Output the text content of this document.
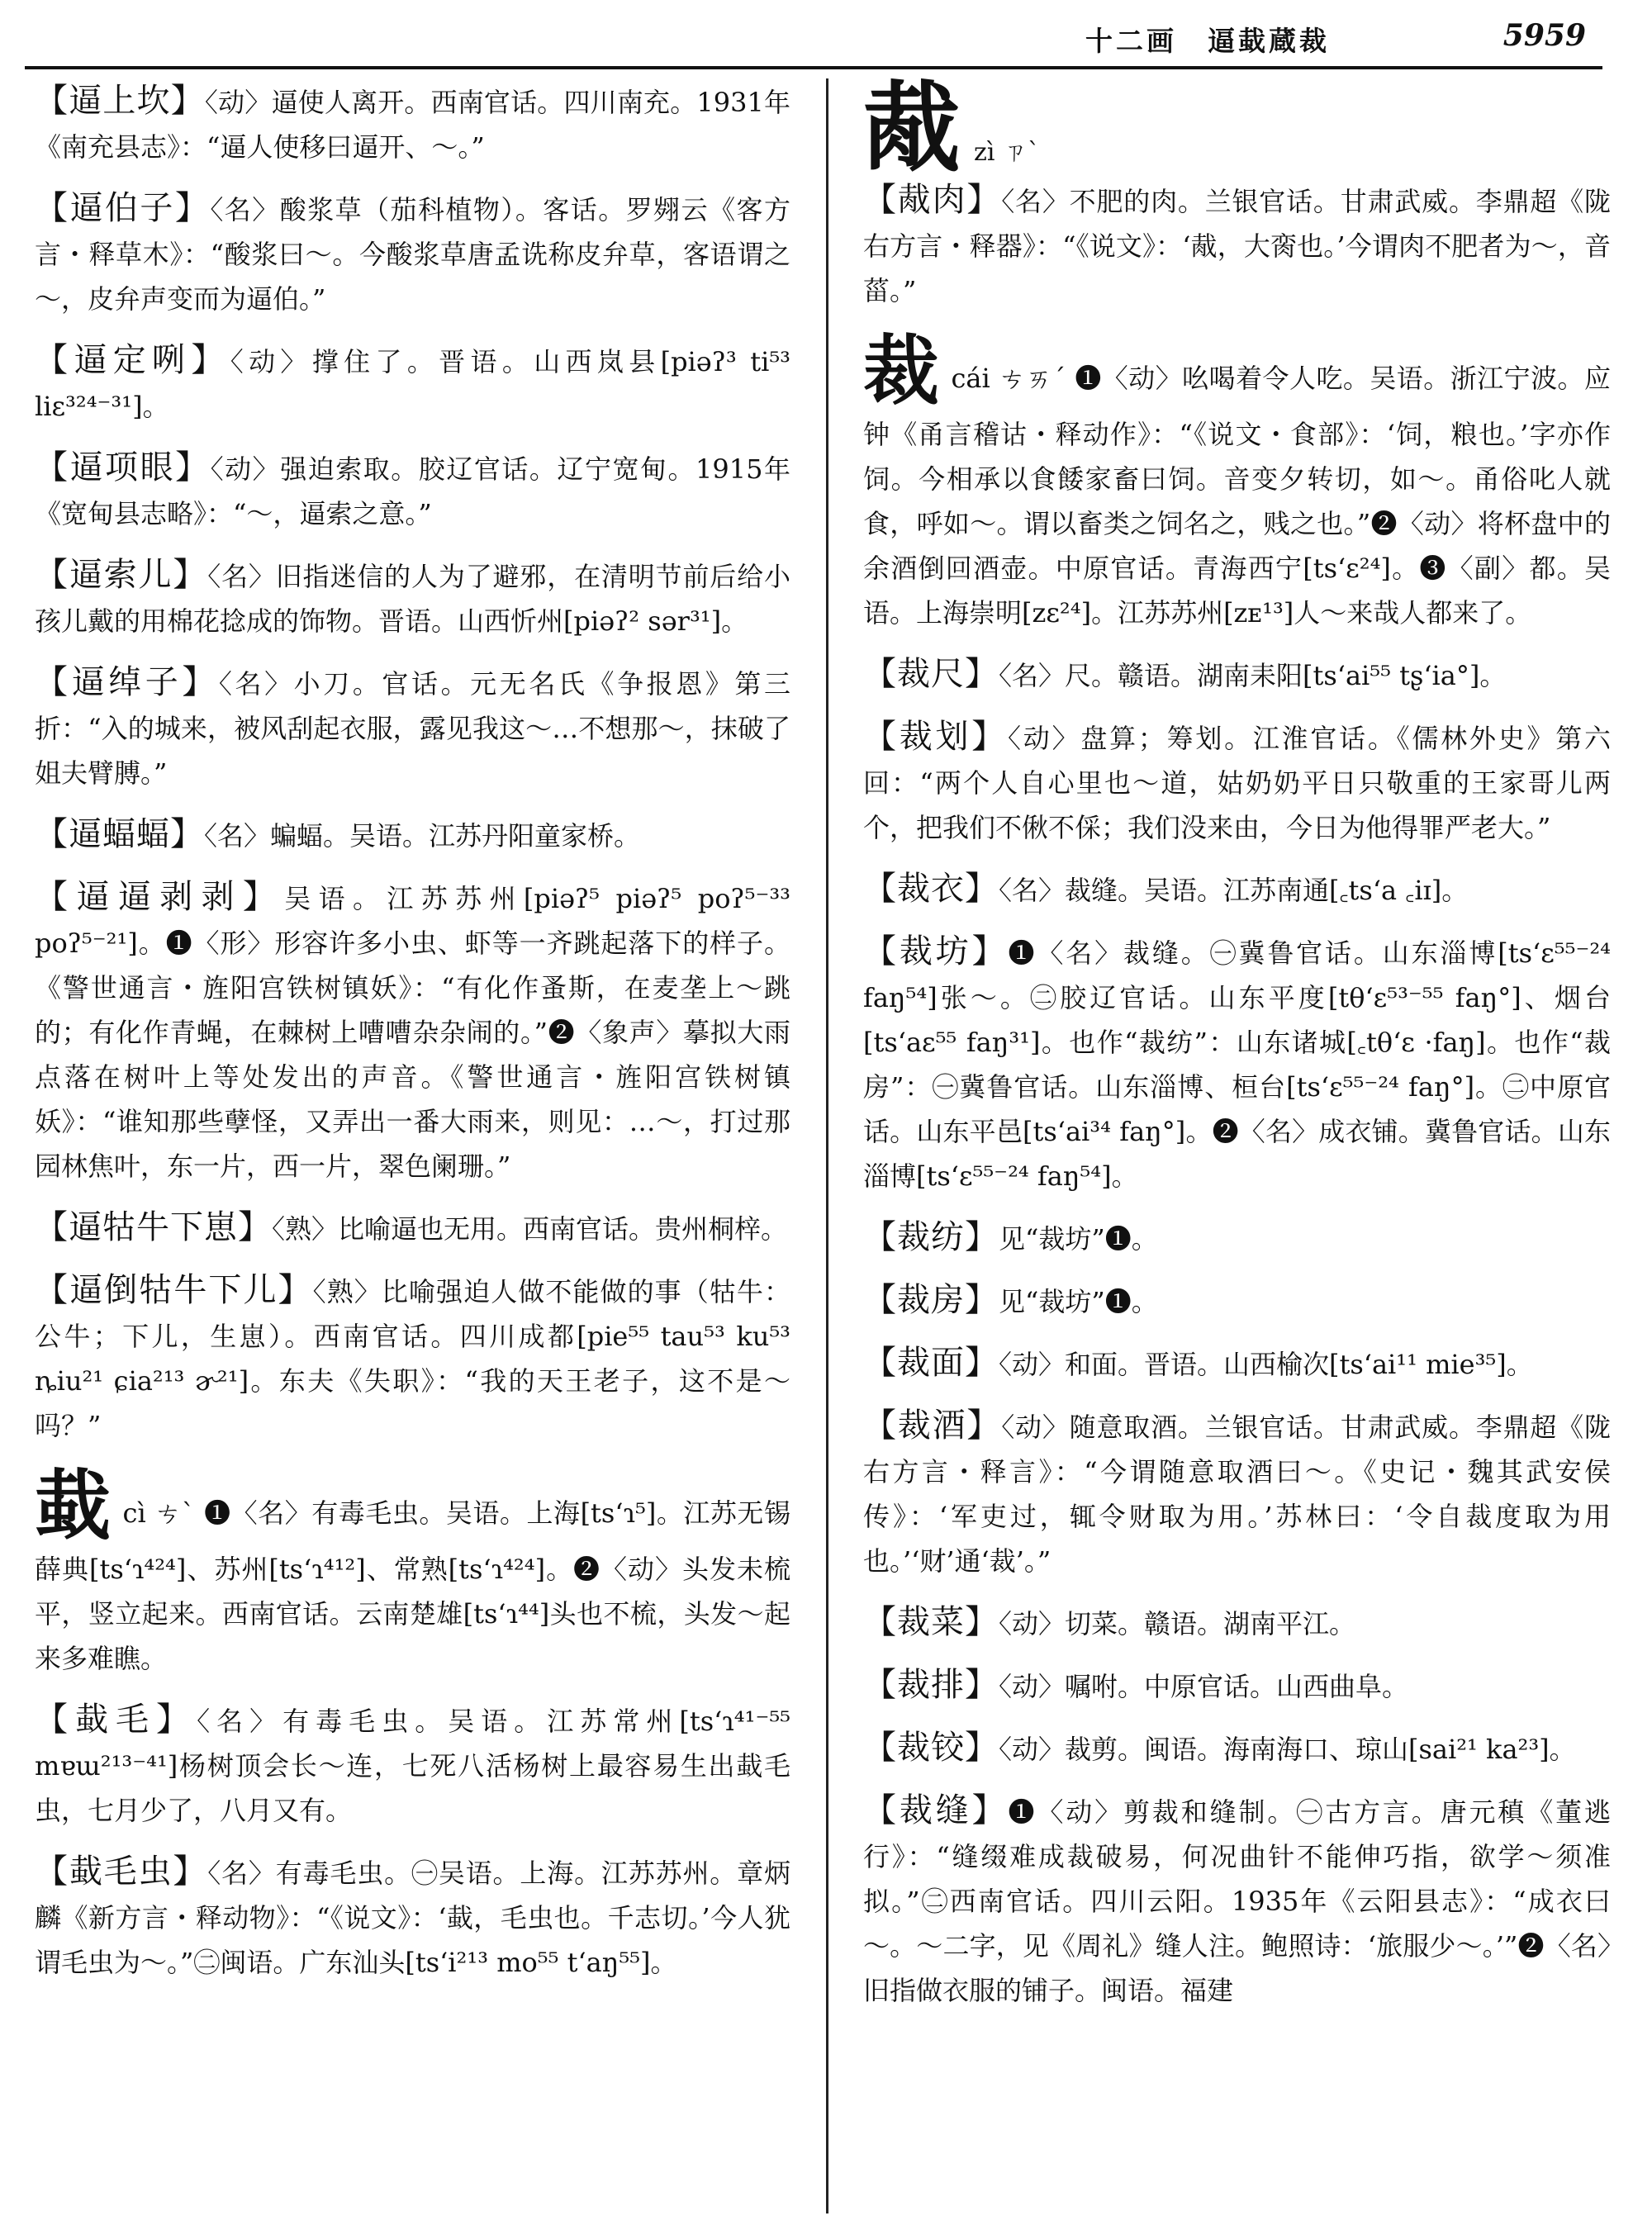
十二画　逼蛓蔵裁	5959
【逼上坎】〈动〉逼使人离开。西南官话。四川南充。1931年《南充县志》：“逼人使移曰逼开、～。”
【逼伯子】〈名〉酸浆草（茄科植物）。客话。罗翙云《客方言・释草木》：“酸浆曰～。今酸浆草唐孟诜称皮弁草，客语谓之～，皮弁声变而为逼伯。”
【逼定咧】〈动〉撑住了。晋语。山西岚县[piəʔ³ ti⁵³ liɛ³²⁴⁻³¹]。
【逼项眼】〈动〉强迫索取。胶辽官话。辽宁宽甸。1915年《宽甸县志略》：“～，逼索之意。”
【逼索儿】〈名〉旧指迷信的人为了避邪，在清明节前后给小孩儿戴的用棉花捻成的饰物。晋语。山西忻州[piəʔ² sər³¹]。
【逼绰子】〈名〉小刀。官话。元无名氏《争报恩》第三折：“入的城来，被风刮起衣服，露见我这～…不想那～，抹破了姐夫臂膊。”
【逼蝠蝠】〈名〉蝙蝠。吴语。江苏丹阳童家桥。
【逼逼剥剥】吴语。江苏苏州[piəʔ⁵ piəʔ⁵ poʔ⁵⁻³³ poʔ⁵⁻²¹]。❶〈形〉形容许多小虫、虾等一齐跳起落下的样子。《警世通言・旌阳宫铁树镇妖》：“有化作蚤斯，在麦垄上～跳的；有化作青蝇，在棘树上嘈嘈杂杂闹的。”❷〈象声〉摹拟大雨点落在树叶上等处发出的声音。《警世通言・旌阳宫铁树镇妖》：“谁知那些孽怪，又弄出一番大雨来，则见：…～，打过那园林焦叶，东一片，西一片，翠色阑珊。”
【逼牯牛下崽】〈熟〉比喻逼也无用。西南官话。贵州桐梓。
【逼倒牯牛下儿】〈熟〉比喻强迫人做不能做的事（牯牛：公牛；下儿，生崽）。西南官话。四川成都[pie⁵⁵ tau⁵³ ku⁵³ ȵiu²¹ ɕia²¹³ ɚ²¹]。东夫《失职》：“我的天王老子，这不是～吗？”
蛓cì ㄘˋ ❶〈名〉有毒毛虫。吴语。上海[tsʻɿ⁵]。江苏无锡薛典[tsʻɿ⁴²⁴]、苏州[tsʻɿ⁴¹²]、常熟[tsʻɿ⁴²⁴]。❷〈动〉头发未梳平，竖立起来。西南官话。云南楚雄[tsʻɿ⁴⁴]头也不梳，头发～起来多难瞧。
【蛓毛】〈名〉有毒毛虫。吴语。江苏常州[tsʻɿ⁴¹⁻⁵⁵ mɐɯ²¹³⁻⁴¹]杨树顶会长～连，七死八活杨树上最容易生出蛓毛虫，七月少了，八月又有。
【蛓毛虫】〈名〉有毒毛虫。㊀吴语。上海。江苏苏州。章炳麟《新方言・释动物》：“《说文》：‘蛓，毛虫也。千志切。’今人犹谓毛虫为～。”㊁闽语。广东汕头[tsʻi²¹³ mo⁵⁵ tʻaŋ⁵⁵]。
胾 zì ㄗˋ
【胾肉】〈名〉不肥的肉。兰银官话。甘肃武威。李鼎超《陇右方言・释器》：“《说文》：‘胾，大脔也。’今谓肉不肥者为～，音菑。”
裁cái ㄘㄞˊ ❶〈动〉吆喝着令人吃。吴语。浙江宁波。应钟《甬言稽诂・释动作》：“《说文・食部》：‘饲，粮也。’字亦作饲。今相承以食餧家畜曰饲。音变夕转切，如～。甬俗叱人就食，呼如～。谓以畜类之饲名之，贱之也。”❷〈动〉将杯盘中的余酒倒回酒壶。中原官话。青海西宁[tsʻɛ²⁴]。❸〈副〉都。吴语。上海崇明[zɛ²⁴]。江苏苏州[zᴇ¹³]人～来哉人都来了。
【裁尺】〈名〉尺。赣语。湖南耒阳[tsʻai⁵⁵ tʂʻia°]。
【裁划】〈动〉盘算；筹划。江淮官话。《儒林外史》第六回：“两个人自心里也～道，姑奶奶平日只敬重的王家哥儿两个，把我们不偢不倸；我们没来由，今日为他得罪严老大。”
【裁衣】〈名〉裁缝。吴语。江苏南通[꜀tsʻa ꜀iɪ]。
【裁坊】❶〈名〉裁缝。㊀冀鲁官话。山东淄博[tsʻɛ⁵⁵⁻²⁴ faŋ⁵⁴]张～。㊁胶辽官话。山东平度[tθʻɛ⁵³⁻⁵⁵ faŋ°]、烟台[tsʻaɛ⁵⁵ faŋ³¹]。也作“裁纺”：山东诸城[꜀tθʻɛ ·faŋ]。也作“裁房”：㊀冀鲁官话。山东淄博、桓台[tsʻɛ⁵⁵⁻²⁴ faŋ°]。㊁中原官话。山东平邑[tsʻai³⁴ faŋ°]。❷〈名〉成衣铺。冀鲁官话。山东淄博[tsʻɛ⁵⁵⁻²⁴ faŋ⁵⁴]。
【裁纺】见“裁坊”❶。
【裁房】见“裁坊”❶。
【裁面】〈动〉和面。晋语。山西榆次[tsʻai¹¹ mie³⁵]。
【裁酒】〈动〉随意取酒。兰银官话。甘肃武威。李鼎超《陇右方言・释言》：“今谓随意取酒曰～。《史记・魏其武安侯传》：‘军吏过，辄令财取为用。’苏林曰：‘令自裁度取为用也。’‘财’通‘裁’。”
【裁菜】〈动〉切菜。赣语。湖南平江。
【裁排】〈动〉嘱咐。中原官话。山西曲阜。
【裁铰】〈动〉裁剪。闽语。海南海口、琼山[sai²¹ ka²³]。
【裁缝】❶〈动〉剪裁和缝制。㊀古方言。唐元稹《董逃行》：“缝缀难成裁破易，何况曲针不能伸巧指，欲学～须准拟。”㊁西南官话。四川云阳。1935年《云阳县志》：“成衣曰～。～二字，见《周礼》缝人注。鲍照诗：‘旅服少～。’”❷〈名〉旧指做衣服的铺子。闽语。福建
